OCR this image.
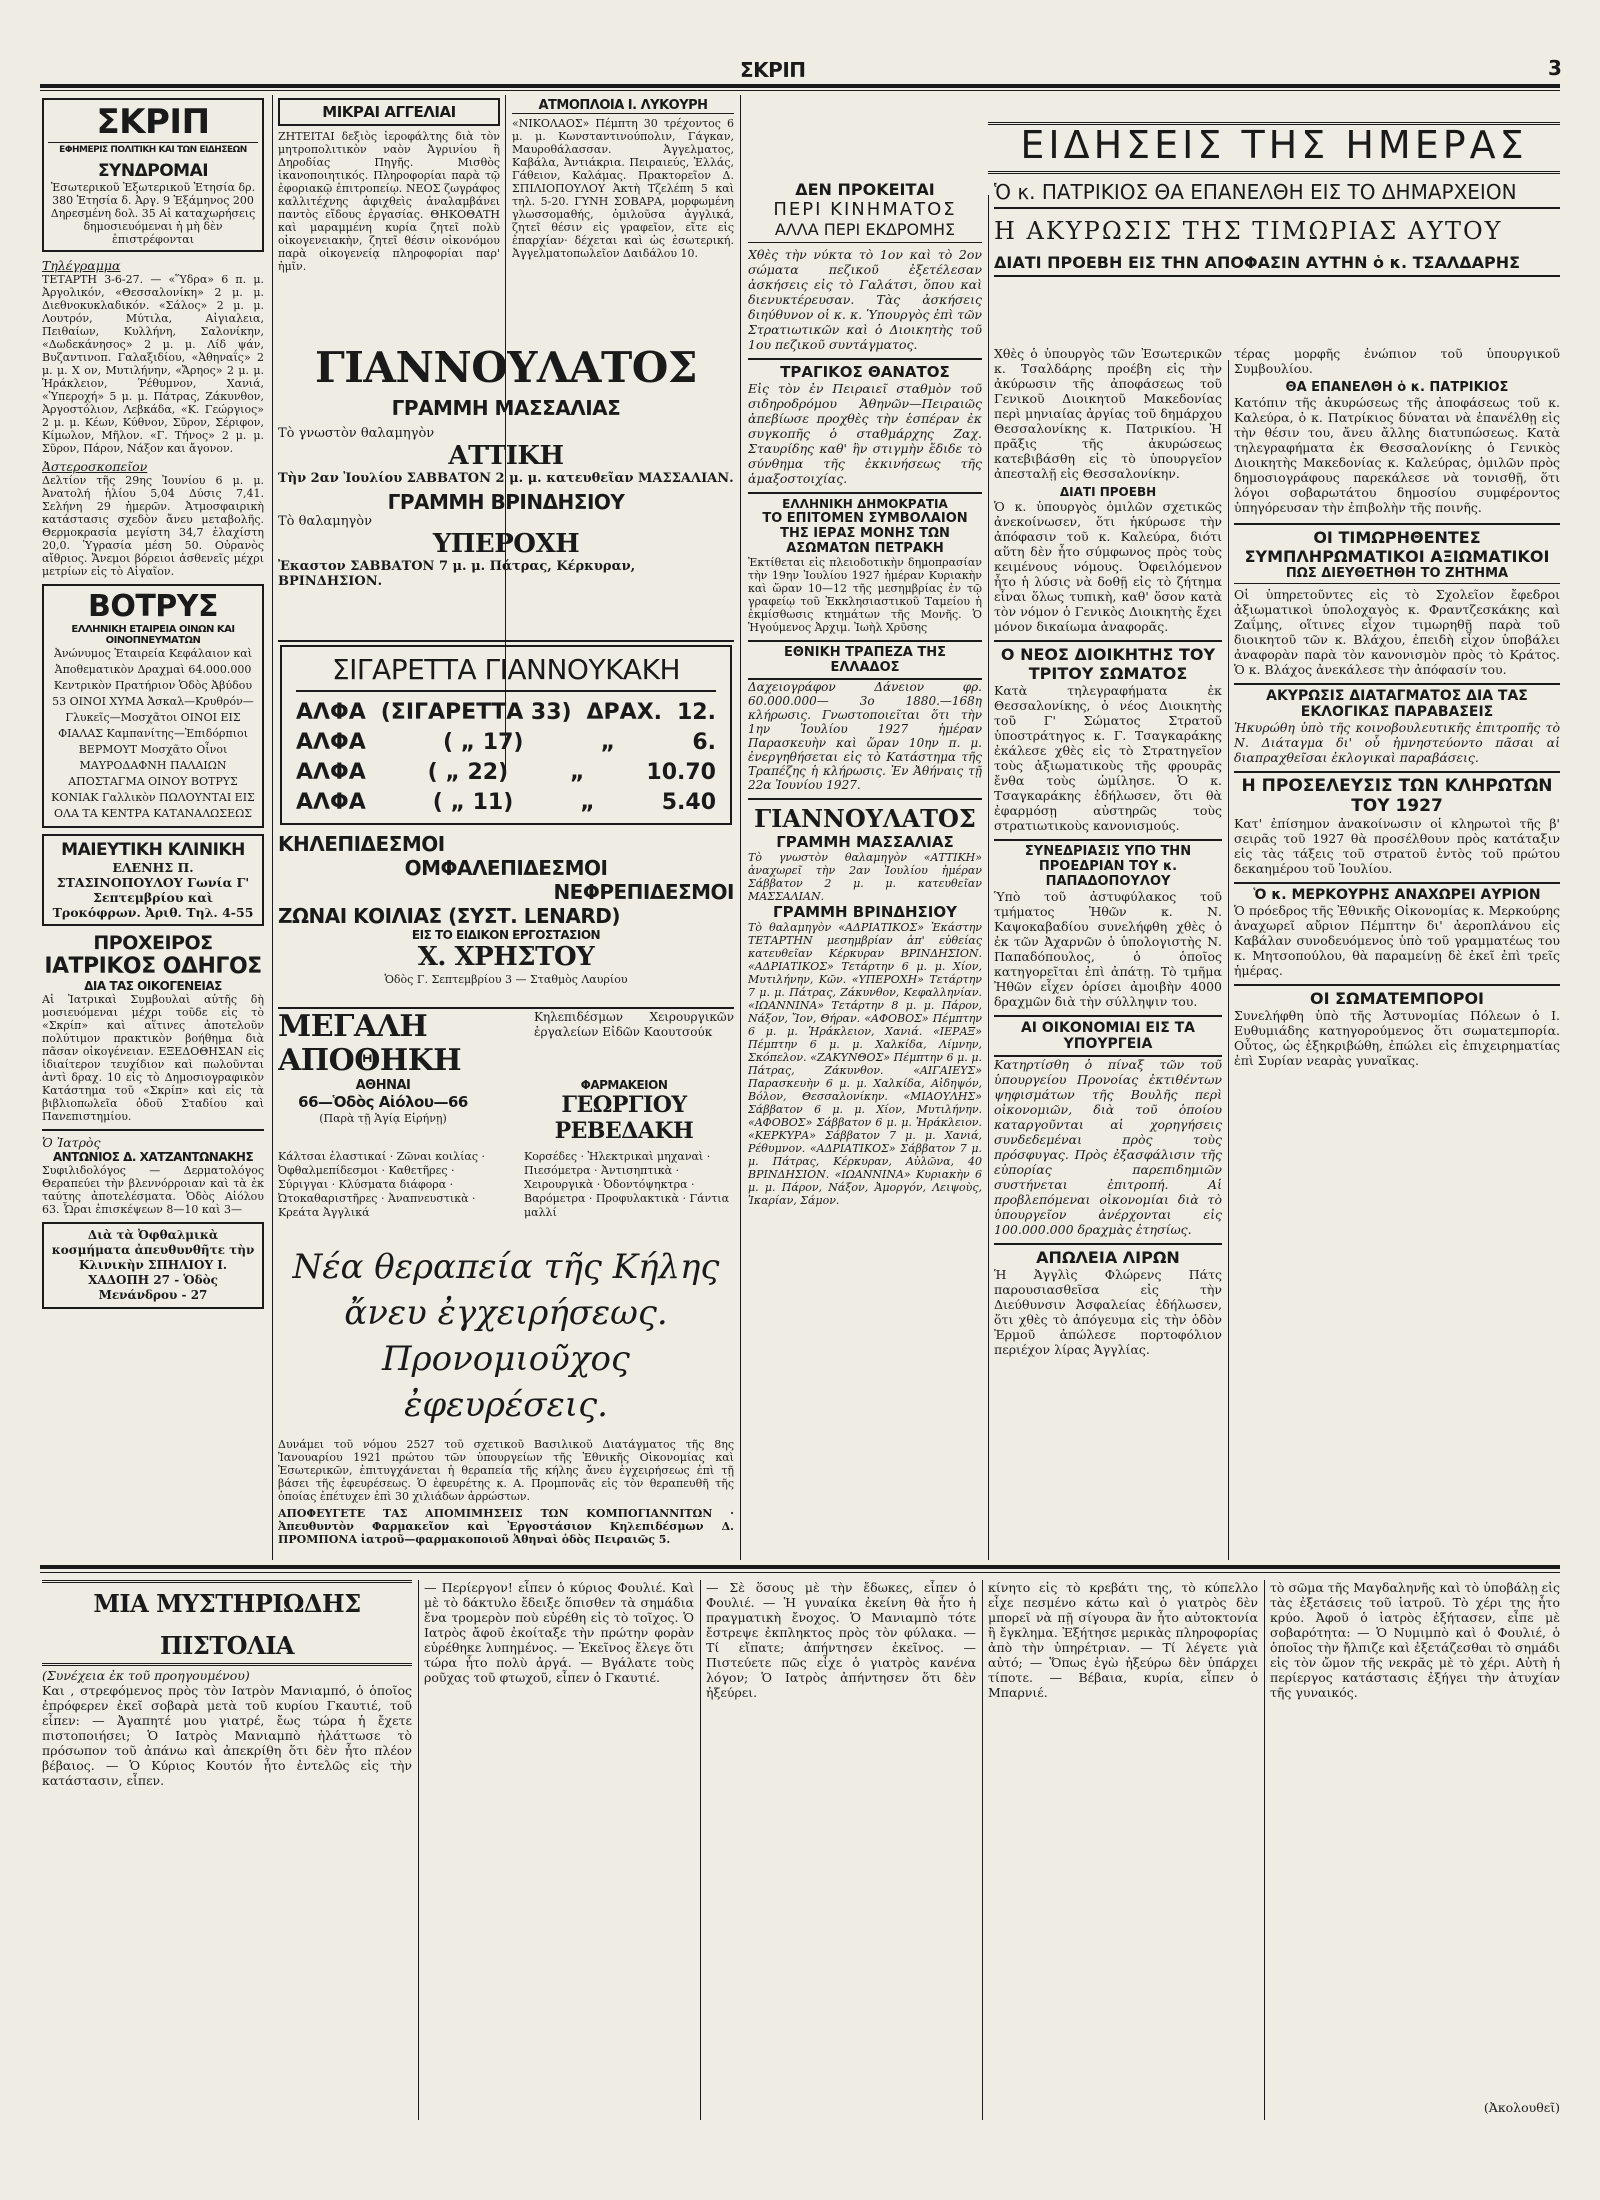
ΣΚΡΙΠ	3
ΣΚΡΙΠ
ΕΦΗΜΕΡΙΣ ΠΟΛΙΤΙΚΗ ΚΑΙ ΤΩΝ ΕΙΔΗΣΕΩΝ
ΣΥΝΔΡΟΜΑΙ
Ἐσωτερικοῦ Ἐξωτερικοῦ Ἐτησία δρ. 380 Ἐτησία δ. Ἀργ. 9 Ἑξάμηνος 200 Δηρεσμένη δολ. 35 Αἱ καταχωρήσεις δημοσιευόμεναι ἡ μὴ δὲν ἐπιστρέφονται
Τηλέγραμμα
ΤΕΤΑΡΤΗ 3-6-27. — «Ὕδρα» 6 π. μ. Ἀργολικόν, «Θεσσαλονίκη» 2 μ. μ. Διεθνοκυκλαδικόν. «Σάλος» 2 μ. μ. Λουτρόν, Μύτιλα, Αἰγιαλεια, Πειθαίων, Κυλλήνη, Σαλονίκην, «Δωδεκάνησος» 2 μ. μ. Λίδ ψάν, Βυζαντινοπ. Γαλαξιδίου, «Ἀθηναΐς» 2 μ. μ. Χ ον, Μυτιλήνην, «Ἄρηος» 2 μ. μ. Ἡράκλειον, Ῥέθυμνον, Χανιά, «Ὑπεροχή» 5 μ. μ. Πάτρας, Ζάκυνθον, Ἀργοστόλιον, Λεβκάδα, «Κ. Γεώργιος» 2 μ. μ. Κέων, Κύθνον, Σῦρον, Σέριφον, Κίμωλον, Μῆλον. «Γ. Τήνος» 2 μ. μ. Σῦρον, Πάρον, Νάξον και ἄγονον.
Ἀστεροσκοπεῖον
Δελτίον τῆς 29ης Ἰουνίου 6 μ. μ. Ἀνατολή ἡλίου 5,04 Δύσις 7,41. Σελήνη 29 ἡμερῶν. Ἀτμοσφαιρικὴ κατάστασις σχεδὸν ἄνευ μεταβολῆς. Θερμοκρασία μεγίστη 34,7 ἐλαχίστη 20,0. Ὑγρασία μέση 50. Οὐρανὸς αἴθριος. Ἄνεμοι βόρειοι ἀσθενεῖς μέχρι μετρίων εἰς τὸ Αἰγαῖον.
ΒΟΤΡΥΣ
ΕΛΛΗΝΙΚΗ ΕΤΑΙΡΕΙΑ ΟΙΝΩΝ ΚΑΙ ΟΙΝΟΠΝΕΥΜΑΤΩΝ
Ἀνώνυμος Ἑταιρεία Κεφάλαιον καὶ Ἀποθεματικὸν Δραχμαὶ 64.000.000 Κεντρικὸν Πρατήριον Ὁδὸς Ἀβύδου 53 ΟΙΝΟΙ ΧΥΜΑ Ἀσκαλ—Κρυθρόν—Γλυκεῖς—Μοσχᾶτοι ΟΙΝΟΙ ΕΙΣ ΦΙΑΛΑΣ Καμπανίτης—Ἐπιδόρπιοι ΒΕΡΜΟΥΤ Μοσχᾶτο Οἶνοι ΜΑΥΡΟΔΑΦΝΗ ΠΑΛΑΙΩΝ ΑΠΟΣΤΑΓΜΑ ΟΙΝΟΥ ΒΟΤΡΥΣ ΚΟΝΙΑΚ Γαλλικὸν ΠΩΛΟΥΝΤΑΙ ΕΙΣ ΟΛΑ ΤΑ ΚΕΝΤΡΑ ΚΑΤΑΝΑΛΩΣΕΩΣ
ΜΑΙΕΥΤΙΚΗ ΚΛΙΝΙΚΗ
ΕΛΕΝΗΣ Π. ΣΤΑΣΙΝΟΠΟΥΛΟΥ Γωνία Γ' Σεπτεμβρίου καὶ Τροκόφρων. Ἀριθ. Τηλ. 4-55
ΠΡΟΧΕΙΡΟΣ
ΙΑΤΡΙΚΟΣ ΟΔΗΓΟΣ
ΔΙΑ ΤΑΣ ΟΙΚΟΓΕΝΕΙΑΣ
Αἱ Ἰατρικαὶ Συμβουλαὶ αὐτῆς δὴ μοσιευόμεναι μέχρι τοῦδε εἰς τὸ «Σκρίπ» καὶ αἵτινες ἀποτελοῦν πολύτιμον πρακτικὸν βοήθημα διὰ πᾶσαν οἰκογένειαν. ΕΞΕΔΟΘΗΣΑΝ εἰς ἰδιαίτερον τευχίδιον καὶ πωλοῦνται ἀντὶ δραχ. 10 εἰς τὸ Δημοσιογραφικὸν Κατάστημα τοῦ «Σκρίπ» καὶ εἰς τὰ βιβλιοπωλεῖα ὁδοῦ Σταδίου καὶ Πανεπιστημίου.
Ὁ Ἰατρὸς
ΑΝΤΩΝΙΟΣ Δ. ΧΑΤΖΑΝΤΩΝΑΚΗΣ
Συφιλιδολόγος — Δερματολόγος Θεραπεύει τὴν βλεννόρροιαν καὶ τὰ ἐκ ταύτης ἀποτελέσματα. Ὁδὸς Αἰόλου 63. Ὧραι ἐπισκέψεων 8—10 καὶ 3—
Διὰ τὰ Ὀφθαλμικὰ κοσμήματα ἀπευθυνθῆτε τὴν Κλινικὴν ΣΠΗΛΙΟΥ Ι. ΧΑΔΟΠΗ 27 - Ὁδὸς Μενάνδρου - 27
ΜΙΚΡΑΙ ΑΓΓΕΛΙΑΙ
ΖΗΤΕΙΤΑΙ δεξιὸς ἱεροφάλτης διὰ τὸν μητροπολιτικὸν ναὸν Ἀγρινίου ἢ Δηροδίας Πηγῆς. Μισθὸς ἱκανοποιητικός. Πληροφορίαι παρὰ τῷ ἐφοριακῷ ἐπιτροπείῳ. ΝΕΟΣ ζωγράφος καλλιτέχνης ἀφιχθεὶς ἀναλαμβάνει παντὸς εἴδους ἐργασίας. ΘΗΚΟΘΑΤΗ καὶ μαραμμένη κυρία ζητεῖ πολὺ οἰκογενειακὴν, ζητεῖ θέσιν οἰκονόμου παρὰ οἰκογενείᾳ πληροφορίαι παρ' ἡμῖν.
ΑΤΜΟΠΛΟΪΑ Ι. ΛΥΚΟΥΡΗ
«ΝΙΚΟΛΑΟΣ» Πέμπτη 30 τρέχοντος 6 μ. μ. Κωνσταντινούπολιν, Γάγκαν, Μαυροθάλασσαν. Ἀγγελματος, Καβάλα, Ἀντιάκρια. Πειραιεύς, Ἑλλάς, Γάθειον, Καλάμας. Πρακτορεῖον Δ. ΣΠΙΛΙΟΠΟΥΛΟΥ Ἀκτὴ Τζελέπη 5 καὶ τηλ. 5-20. ΓΥΝΗ ΣΟΒΑΡΑ, μορφωμένη γλωσσομαθής, ὁμιλοῦσα ἀγγλικά, ζητεῖ θέσιν εἰς γραφεῖον, εἴτε εἰς ἐπαρχίαν· δέχεται καὶ ὡς ἐσωτερική. Ἀγγελματοπωλεῖον Δαιδάλου 10.
ΓΙΑΝΝΟΥΛΑΤΟΣ
ΓΡΑΜΜΗ ΜΑΣΣΑΛΙΑΣ
Τὸ γνωστὸν θαλαμηγὸν
ΑΤΤΙΚΗ
Τὴν 2αν Ἰουλίου ΣΑΒΒΑΤΟΝ 2 μ. μ. κατευθεῖαν ΜΑΣΣΑΛΙΑΝ.
ΓΡΑΜΜΗ ΒΡΙΝΔΗΣΙΟΥ
Τὸ θαλαμηγὸν
ΥΠΕΡΟΧΗ
Ἐκαστον ΣΑΒΒΑΤΟΝ 7 μ. μ. Πάτρας, Κέρκυραν, ΒΡΙΝΔΗΣΙΟΝ.
ΣΙΓΑΡΕΤΤΑ ΓΙΑΝΝΟΥΚΑΚΗ
ΑΛΦΑ (ΣΙΓΑΡΕΤΤΑ 33) ΔΡΑΧ. 12.
ΑΛΦΑ	( „ 17)	„	6.
ΑΛΦΑ	( „ 22)	„	10.70
ΑΛΦΑ	( „ 11)	„	5.40
ΚΗΛΕΠΙΔΕΣΜΟΙ
ΟΜΦΑΛΕΠΙΔΕΣΜΟΙ
ΝΕΦΡΕΠΙΔΕΣΜΟΙ
ΖΩΝΑΙ ΚΟΙΛΙΑΣ (ΣΥΣΤ. LENARD)
ΕΙΣ ΤΟ ΕΙΔΙΚΟΝ ΕΡΓΟΣΤΑΣΙΟΝ
Χ. ΧΡΗΣΤΟΥ
Ὁδὸς Γ. Σεπτεμβρίου 3 — Σταθμὸς Λαυρίου
ΜΕΓΑΛΗ ΑΠΟΘΗΚΗ
Κηλεπιδέσμων Χειρουργικῶν ἐργαλείων Εἰδῶν Καουτσούκ
ΑΘΗΝΑΙ
66—Ὁδὸς Αἰόλου—66
(Παρὰ τῇ Ἁγίᾳ Εἰρήνῃ)
ΦΑΡΜΑΚΕΙΟΝ
ΓΕΩΡΓΙΟΥ ΡΕΒΕΔΑΚΗ
Κάλτσαι ἐλαστικαί · Ζῶναι κοιλίας · Ὀφθαλμεπίδεσμοι · Καθετῆρες · Σύριγγαι · Κλύσματα διάφορα · Ὠτοκαθαριστῆρες · Ἀναπνευστικὰ · Κρεάτα Ἀγγλικά
Κορσέδες · Ἠλεκτρικαὶ μηχαναὶ · Πιεσόμετρα · Ἀντισηπτικὰ · Χειρουργικὰ · Ὀδοντόψηκτρα · Βαρόμετρα · Προφυλακτικὰ · Γάντια μαλλί
Νέα θεραπεία τῆς Κήλης
ἄνευ ἐγχειρήσεως.
Προνομιοῦχος ἐφευρέσεις.
Δυνάμει τοῦ νόμου 2527 τοῦ σχετικοῦ Βασιλικοῦ Διατάγματος τῆς 8ης Ἰανουαρίου 1921 πρώτου τῶν ὑπουργείων τῆς Ἐθνικῆς Οἰκονομίας καὶ Ἐσωτερικῶν, ἐπιτυγχάνεται ἡ θεραπεία τῆς κήλης ἄνευ ἐγχειρήσεως ἐπὶ τῇ βάσει τῆς ἐφευρέσεως. Ὁ ἐφευρέτης κ. Α. Προμπονᾶς εἰς τὸν θεραπευθῆ τῆς ὁποίας ἐπέτυχεν ἐπὶ 30 χιλιάδων ἀρρώστων.
ΑΠΟΦΕΥΓΕΤΕ ΤΑΣ ΑΠΟΜΙΜΗΣΕΙΣ ΤΩΝ ΚΟΜΠΟΓΙΑΝΝΙΤΩΝ · Ἀπευθυντὸν Φαρμακεῖον καὶ Ἐργοστάσιον Κηλεπιδέσμων Δ. ΠΡΟΜΠΟΝΑ ἰατροῦ—φαρμακοποιοῦ Ἀθηναὶ ὁδὸς Πειραιῶς 5.
ΔΕΝ ΠΡΟΚΕΙΤΑΙ
ΠΕΡΙ ΚΙΝΗΜΑΤΟΣ
ΑΛΛΑ ΠΕΡΙ ΕΚΔΡΟΜΗΣ
Χθὲς τὴν νύκτα τὸ 1ον καὶ τὸ 2ον σώματα πεζικοῦ ἐξετέλεσαν ἀσκήσεις εἰς τὸ Γαλάτσι, ὅπου καὶ διενυκτέρευσαν. Τὰς ἀσκήσεις διηύθυνον οἱ κ. κ. Ὑπουργὸς ἐπὶ τῶν Στρατιωτικῶν καὶ ὁ Διοικητὴς τοῦ 1ου πεζικοῦ συντάγματος.
ΤΡΑΓΙΚΟΣ ΘΑΝΑΤΟΣ
Εἰς τὸν ἐν Πειραιεῖ σταθμὸν τοῦ σιδηροδρόμου Ἀθηνῶν—Πειραιῶς ἀπεβίωσε προχθὲς τὴν ἑσπέραν ἐκ συγκοπῆς ὁ σταθμάρχης Ζαχ. Σταυρίδης καθ' ἣν στιγμὴν ἔδιδε τὸ σύνθημα τῆς ἐκκινήσεως τῆς ἁμαξοστοιχίας.
ΕΛΛΗΝΙΚΗ ΔΗΜΟΚΡΑΤΙΑ
ΤΟ ΕΠΙΤΟΜΕΝ ΣΥΜΒΟΛΑΙΟΝ ΤΗΣ ΙΕΡΑΣ ΜΟΝΗΣ ΤΩΝ ΑΣΩΜΑΤΩΝ ΠΕΤΡΑΚΗ
Ἐκτίθεται εἰς πλειοδοτικὴν δημοπρασίαν τὴν 19ην Ἰουλίου 1927 ἡμέραν Κυριακὴν καὶ ὥραν 10—12 τῆς μεσημβρίας ἐν τῷ γραφείῳ τοῦ Ἐκκλησιαστικοῦ Ταμείου ἡ ἐκμίσθωσις κτημάτων τῆς Μονῆς. Ὁ Ἡγούμενος Ἀρχιμ. Ἰωὴλ Χρῦσης
ΕΘΝΙΚΗ ΤΡΑΠΕΖΑ ΤΗΣ ΕΛΛΑΔΟΣ
Δαχειογράφον Δάνειον φρ. 60.000.000— 3ο 1880.—168η κλήρωσις. Γνωστοποιεῖται ὅτι τὴν 1ην Ἰουλίου 1927 ἡμέραν Παρασκευὴν καὶ ὥραν 10ην π. μ. ἐνεργηθήσεται εἰς τὸ Κατάστημα τῆς Τραπέζης ἡ κλήρωσις. Ἐν Ἀθήναις τῇ 22α Ἰουνίου 1927.
ΓΙΑΝΝΟΥΛΑΤΟΣ
ΓΡΑΜΜΗ ΜΑΣΣΑΛΙΑΣ
Τὸ γνωστὸν θαλαμηγὸν «ΑΤΤΙΚΗ» ἀναχωρεῖ τὴν 2αν Ἰουλίου ἡμέραν Σάββατον 2 μ. μ. κατευθεῖαν ΜΑΣΣΑΛΙΑΝ.
ΓΡΑΜΜΗ ΒΡΙΝΔΗΣΙΟΥ
Τὸ θαλαμηγὸν «ΑΔΡΙΑΤΙΚΟΣ» Ἐκάστην ΤΕΤΑΡΤΗΝ μεσημβρίαν ἀπ' εὐθείας κατευθεῖαν Κέρκυραν ΒΡΙΝΔΗΣΙΟΝ. «ΑΔΡΙΑΤΙΚΟΣ» Τετάρτην 6 μ. μ. Χίον, Μυτιλήνην, Κῶν. «ΥΠΕΡΟΧΗ» Τετάρτην 7 μ. μ. Πάτρας, Ζάκυνθον, Κεφαλληνίαν. «ΙΩΑΝΝΙΝΑ» Τετάρτην 8 μ. μ. Πάρον, Νάξον, Ἴον, Θήραν. «ΑΦΟΒΟΣ» Πέμπτην 6 μ. μ. Ἡράκλειον, Χανιά. «ΙΕΡΑΞ» Πέμπτην 6 μ. μ. Χαλκίδα, Λίμνην, Σκόπελον. «ΖΑΚΥΝΘΟΣ» Πέμπτην 6 μ. μ. Πάτρας, Ζάκυνθον. «ΑΙΓΑΙΕΥΣ» Παρασκευὴν 6 μ. μ. Χαλκίδα, Αἰδηψόν, Βόλον, Θεσσαλονίκην. «ΜΙΑΟΥΛΗΣ» Σάββατον 6 μ. μ. Χίον, Μυτιλήνην. «ΑΦΟΒΟΣ» Σάββατον 6 μ. μ. Ἡράκλειον. «ΚΕΡΚΥΡΑ» Σάββατον 7 μ. μ. Χανιά, Ρέθυμνον. «ΑΔΡΙΑΤΙΚΟΣ» Σάββατον 7 μ. μ. Πάτρας, Κέρκυραν, Αὐλῶνα, 40 ΒΡΙΝΔΗΣΙΟΝ. «ΙΩΑΝΝΙΝΑ» Κυριακὴν 6 μ. μ. Πάρον, Νάξον, Ἀμοργόν, Λειψοὺς, Ἰκαρίαν, Σάμον.
ΕΙΔΗΣΕΙΣ ΤΗΣ ΗΜΕΡΑΣ
Χθὲς ὁ ὑπουργὸς τῶν Ἐσωτερικῶν κ. Τσαλδάρης προέβη εἰς τὴν ἀκύρωσιν τῆς ἀποφάσεως τοῦ Γενικοῦ Διοικητοῦ Μακεδονίας περὶ μηνιαίας ἀργίας τοῦ δημάρχου Θεσσαλονίκης κ. Πατρικίου. Ἡ πρᾶξις τῆς ἀκυρώσεως κατεβιβάσθη εἰς τὸ ὑπουργεῖον ἀπεσταλῇ εἰς Θεσσαλονίκην.
ΔΙΑΤΙ ΠΡΟΕΒΗ
Ὁ κ. ὑπουργὸς ὁμιλῶν σχετικῶς ἀνεκοίνωσεν, ὅτι ἡκύρωσε τὴν ἀπόφασιν τοῦ κ. Καλεύρα, διότι αὕτη δὲν ἦτο σύμφωνος πρὸς τοὺς κειμένους νόμους. Ὀφειλόμενον ἦτο ἡ λύσις νὰ δοθῇ εἰς τὸ ζήτημα εἶναι ὅλως τυπικὴ, καθ' ὅσον κατὰ τὸν νόμον ὁ Γενικὸς Διοικητὴς ἔχει μόνον δικαίωμα ἀναφορᾶς.
Ο ΝΕΟΣ ΔΙΟΙΚΗΤΗΣ ΤΟΥ ΤΡΙΤΟΥ ΣΩΜΑΤΟΣ
Κατὰ τηλεγραφήματα ἐκ Θεσσαλονίκης, ὁ νέος Διοικητὴς τοῦ Γ' Σώματος Στρατοῦ ὑποστράτηγος κ. Γ. Τσαγκαράκης ἐκάλεσε χθὲς εἰς τὸ Στρατηγεῖον τοὺς ἀξιωματικοὺς τῆς φρουρᾶς ἔνθα τοὺς ὡμίλησε. Ὁ κ. Τσαγκαράκης ἐδήλωσεν, ὅτι θὰ ἐφαρμόσῃ αὐστηρῶς τοὺς στρατιωτικοὺς κανονισμούς.
ΣΥΝΕΔΡΙΑΣΙΣ ΥΠΟ ΤΗΝ ΠΡΟΕΔΡΙΑΝ ΤΟΥ κ. ΠΑΠΑΔΟΠΟΥΛΟΥ
Ὑπὸ τοῦ ἀστυφύλακος τοῦ τμήματος Ἠθῶν κ. Ν. Καψοκαβαδίου συνελήφθη χθὲς ὁ ἐκ τῶν Ἀχαρνῶν ὁ ὑπολογιστὴς Ν. Παπαδόπουλος, ὁ ὁποῖος κατηγορεῖται ἐπὶ ἀπάτῃ. Τὸ τμῆμα Ἠθῶν εἶχεν ὁρίσει ἀμοιβὴν 4000 δραχμῶν διὰ τὴν σύλληψιν του.
ΑΙ ΟΙΚΟΝΟΜΙΑΙ ΕΙΣ ΤΑ ΥΠΟΥΡΓΕΙΑ
Κατηρτίσθη ὁ πίναξ τῶν τοῦ ὑπουργείου Προνοίας ἐκτιθέντων ψηφισμάτων τῆς Βουλῆς περὶ οἰκονομιῶν, διὰ τοῦ ὁποίου καταργοῦνται αἱ χορηγήσεις συνδεδεμέναι πρὸς τοὺς πρόσφυγας. Πρὸς ἐξασφάλισιν τῆς εὐπορίας παρεπιδημιῶν συστήνεται ἐπιτροπή. Αἱ προβλεπόμεναι οἰκονομίαι διὰ τὸ ὑπουργεῖον ἀνέρχονται εἰς 100.000.000 δραχμὰς ἐτησίως.
ΑΠΩΛΕΙΑ ΛΙΡΩΝ
Ἡ Ἀγγλὶς Φλώρενς Πάτς παρουσιασθεῖσα εἰς τὴν Διεύθυνσιν Ἀσφαλείας ἐδήλωσεν, ὅτι χθὲς τὸ ἀπόγευμα εἰς τὴν ὁδὸν Ἐρμοῦ ἀπώλεσε πορτοφόλιον περιέχον λίρας Ἀγγλίας.
Ὁ κ. ΠΑΤΡΙΚΙΟΣ ΘΑ ΕΠΑΝΕΛΘΗ ΕΙΣ ΤΟ ΔΗΜΑΡΧΕΙΟΝ
Η ΑΚΥΡΩΣΙΣ ΤΗΣ ΤΙΜΩΡΙΑΣ ΑΥΤΟΥ
ΔΙΑΤΙ ΠΡΟΕΒΗ ΕΙΣ ΤΗΝ ΑΠΟΦΑΣΙΝ ΑΥΤΗΝ ὁ κ. ΤΣΑΛΔΑΡΗΣ
τέρας μορφῆς ἐνώπιον τοῦ ὑπουργικοῦ Συμβουλίου.
ΘΑ ΕΠΑΝΕΛΘΗ ὁ κ. ΠΑΤΡΙΚΙΟΣ
Κατόπιν τῆς ἀκυρώσεως τῆς ἀποφάσεως τοῦ κ. Καλεύρα, ὁ κ. Πατρίκιος δύναται νὰ ἐπανέλθῃ εἰς τὴν θέσιν του, ἄνευ ἄλλης διατυπώσεως. Κατὰ τηλεγραφήματα ἐκ Θεσσαλονίκης ὁ Γενικὸς Διοικητὴς Μακεδονίας κ. Καλεύρας, ὁμιλῶν πρὸς δημοσιογράφους παρεκάλεσε νὰ τονισθῇ, ὅτι λόγοι σοβαρωτάτου δημοσίου συμφέροντος ὑπηγόρευσαν τὴν ἐπιβολὴν τῆς ποινῆς.
ΟΙ ΤΙΜΩΡΗΘΕΝΤΕΣ ΣΥΜΠΛΗΡΩΜΑΤΙΚΟΙ ΑΞΙΩΜΑΤΙΚΟΙ
ΠΩΣ ΔΙΕΥΘΕΤΗΘΗ ΤΟ ΖΗΤΗΜΑ
Οἱ ὑπηρετοῦντες εἰς τὸ Σχολεῖον ἔφεδροι ἀξιωματικοὶ ὑπολοχαγὸς κ. Φραντζεσκάκης καὶ Ζαΐμης, οἵτινες εἶχον τιμωρηθῇ παρὰ τοῦ διοικητοῦ τῶν κ. Βλάχου, ἐπειδὴ εἶχον ὑποβάλει ἀναφορὰν παρὰ τὸν κανονισμὸν πρὸς τὸ Κράτος. Ὁ κ. Βλάχος ἀνεκάλεσε τὴν ἀπόφασίν του.
ΑΚΥΡΩΣΙΣ ΔΙΑΤΑΓΜΑΤΟΣ ΔΙΑ ΤΑΣ ΕΚΛΟΓΙΚΑΣ ΠΑΡΑΒΑΣΕΙΣ
Ἠκυρώθη ὑπὸ τῆς κοινοβουλευτικῆς ἐπιτροπῆς τὸ Ν. Διάταγμα δι' οὗ ἠμνηστεύοντο πᾶσαι αἱ διαπραχθεῖσαι ἐκλογικαὶ παραβάσεις.
Η ΠΡΟΣΕΛΕΥΣΙΣ ΤΩΝ ΚΛΗΡΩΤΩΝ ΤΟΥ 1927
Κατ' ἐπίσημον ἀνακοίνωσιν οἱ κληρωτοὶ τῆς β' σειρᾶς τοῦ 1927 θὰ προσέλθουν πρὸς κατάταξιν εἰς τὰς τάξεις τοῦ στρατοῦ ἐντὸς τοῦ πρώτου δεκαημέρου τοῦ Ἰουλίου.
Ὁ κ. ΜΕΡΚΟΥΡΗΣ ΑΝΑΧΩΡΕΙ ΑΥΡΙΟΝ
Ὁ πρόεδρος τῆς Ἐθνικῆς Οἰκονομίας κ. Μερκούρης ἀναχωρεῖ αὔριον Πέμπτην δι' ἀεροπλάνου εἰς Καβάλαν συνοδευόμενος ὑπὸ τοῦ γραμματέως του κ. Μητσοπούλου, θὰ παραμείνῃ δὲ ἐκεῖ ἐπὶ τρεῖς ἡμέρας.
ΟΙ ΣΩΜΑΤΕΜΠΟΡΟΙ
Συνελήφθη ὑπὸ τῆς Ἀστυνομίας Πόλεων ὁ Ι. Ευθυμιάδης κατηγορούμενος ὅτι σωματεμπορία. Οὗτος, ὡς ἐξηκριβώθη, ἐπώλει εἰς ἐπιχειρηματίας ἐπὶ Συρίαν νεαρὰς γυναῖκας.
ΜΙΑ ΜΥΣΤΗΡΙΩΔΗΣ ΠΙΣΤΟΛΙΑ
(Συνέχεια ἐκ τοῦ προηγουμένου)
Και , στρεφόμενος πρὸς τὸν Ιατρὸν Μανιαμπό, ὁ ὁποῖος ἐπρόφερεν ἐκεῖ σοβαρὰ μετὰ τοῦ κυρίου Γκαυτιέ, τοῦ εἶπεν: — Ἀγαπητέ μου γιατρέ, ἔως τώρα ἡ ἔχετε πιστοποιήσει; Ὁ Ιατρὸς Μανιαμπὸ ἠλάττωσε τὸ πρόσωπον τοῦ ἀπάνω καὶ ἀπεκρίθη ὅτι δὲν ἦτο πλέον βέβαιος. — Ὁ Κύριος Κουτόν ἦτο ἐντελῶς εἰς τὴν κατάστασιν, εἶπεν.
— Περίεργον! εἶπεν ὁ κύριος Φουλιέ. Καὶ μὲ τὸ δάκτυλο ἔδειξε ὅπισθεν τὰ σημάδια ἔνα τρομερὸν ποὺ εὑρέθη εἰς τὸ τοῖχος. Ὁ Ιατρὸς ἄφοῦ ἐκοίταξε τὴν πρώτην φορὰν εὑρέθηκε λυπημένος. — Ἐκεῖνος ἔλεγε ὅτι τώρα ἦτο πολὺ ἀργά. — Βγάλατε τοὺς ροῦχας τοῦ φτωχοῦ, εἶπεν ὁ Γκαυτιέ.
— Σὲ ὅσους μὲ τὴν ἔδωκες, εἶπεν ὁ Φουλιέ. — Ἡ γυναίκα ἐκείνη θὰ ἦτο ἡ πραγματικὴ ἔνοχος. Ὁ Μανιαμπὸ τότε ἔστρεψε ἐκπληκτος πρὸς τὸν φύλακα. — Τί εἴπατε; ἀπήντησεν ἐκεῖνος. — Πιστεύετε πῶς εἶχε ὁ γιατρὸς κανένα λόγον; Ὁ Ιατρὸς ἀπήντησεν ὅτι δὲν ἠξεύρει.
κίνητο εἰς τὸ κρεβάτι της, τὸ κύπελλο εἶχε πεσμένο κάτω καὶ ὁ γιατρὸς δὲν μπορεῖ νὰ πῇ σίγουρα ἂν ἦτο αὐτοκτονία ἢ ἔγκλημα. Ἐξήτησε μερικὰς πληροφορίας ἀπὸ τὴν ὑπηρέτριαν. — Τί λέγετε γιὰ αὐτό; — Ὅπως ἐγὼ ἠξεύρω δὲν ὑπάρχει τίποτε. — Βέβαια, κυρία, εἶπεν ὁ Μπαρνιέ.
τὸ σῶμα τῆς Μαγδαληνῆς καὶ τὸ ὑποβάλῃ εἰς τὰς ἐξετάσεις τοῦ ἰατροῦ. Τὸ χέρι της ἦτο κρύο. Ἀφοῦ ὁ ἰατρὸς ἐξήτασεν, εἶπε μὲ σοβαρότητα: — Ὁ Νυμιμπὸ καὶ ὁ Φουλιέ, ὁ ὁποῖος τὴν ἤλπιζε καὶ ἐξετάζεσθαι τὸ σημάδι εἰς τὸν ὤμον τῆς νεκρᾶς μὲ τὸ χέρι. Αὐτὴ ἡ περίεργος κατάστασις ἐξήγει τὴν ἀτυχίαν τῆς γυναικός.
(Ἀκολουθεῖ)
